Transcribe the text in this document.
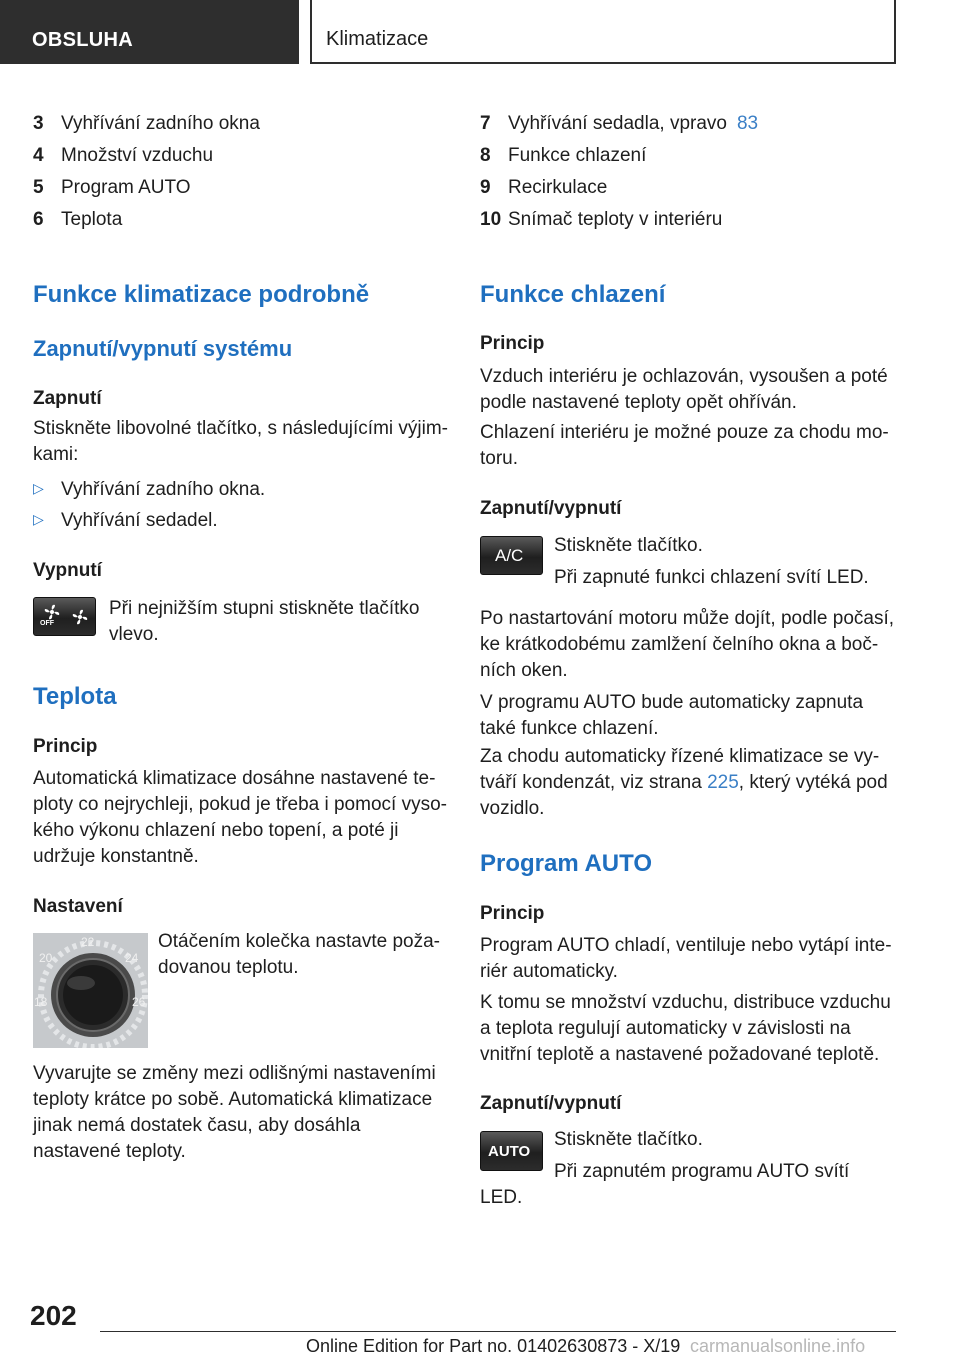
OBSLUHA	Klimatizace
3 Vyhřívání zadního okna
4 Množství vzduchu
5 Program AUTO
6 Teplota
Funkce klimatizace podrobně
Zapnutí/vypnutí systému
Zapnutí
Stiskněte libovolné tlačítko, s následujícími výjimkami:
▷ Vyhřívání zadního okna.
▷ Vyhřívání sedadel.
Vypnutí
OFF
Při nejnižším stupni stiskněte tlačítko vlevo.
Teplota
Princip
Automatická klimatizace dosáhne nastavené teploty co nejrychleji, pokud je třeba i pomocí vysokého výkonu chlazení nebo topení, a poté ji udržuje konstantně.
Nastavení
22
24
20
18	26
Otáčením kolečka nastavte požadovanou teplotu.
Vyvarujte se změny mezi odlišnými nastaveními teploty krátce po sobě. Automatická klimatizace jinak nemá dostatek času, aby dosáhla nastavené teploty.
7 Vyhřívání sedadla, vpravo 83
8 Funkce chlazení
9 Recirkulace
10 Snímač teploty v interiéru
Funkce chlazení
Princip
Vzduch interiéru je ochlazován, vysoušen a poté podle nastavené teploty opět ohříván.
Chlazení interiéru je možné pouze za chodu motoru.
Zapnutí/vypnutí
A/C Stiskněte tlačítko.
Při zapnuté funkci chlazení svítí LED.
Po nastartování motoru může dojít, podle počasí, ke krátkodobému zamlžení čelního okna a bočních oken.
V programu AUTO bude automaticky zapnuta také funkce chlazení.
Za chodu automaticky řízené klimatizace se vytváří kondenzát, viz strana 225, který vytéká pod vozidlo.
Program AUTO
Princip
Program AUTO chladí, ventiluje nebo vytápí interiér automaticky.
K tomu se množství vzduchu, distribuce vzduchu a teplota regulují automaticky v závislosti na vnitřní teplotě a nastavené požadované teplotě.
Zapnutí/vypnutí
AUTO
Stiskněte tlačítko.
Při zapnutém programu AUTO svítí
LED.
202
Online Edition for Part no. 01402630873 - X/19 carmanualsonline.info
